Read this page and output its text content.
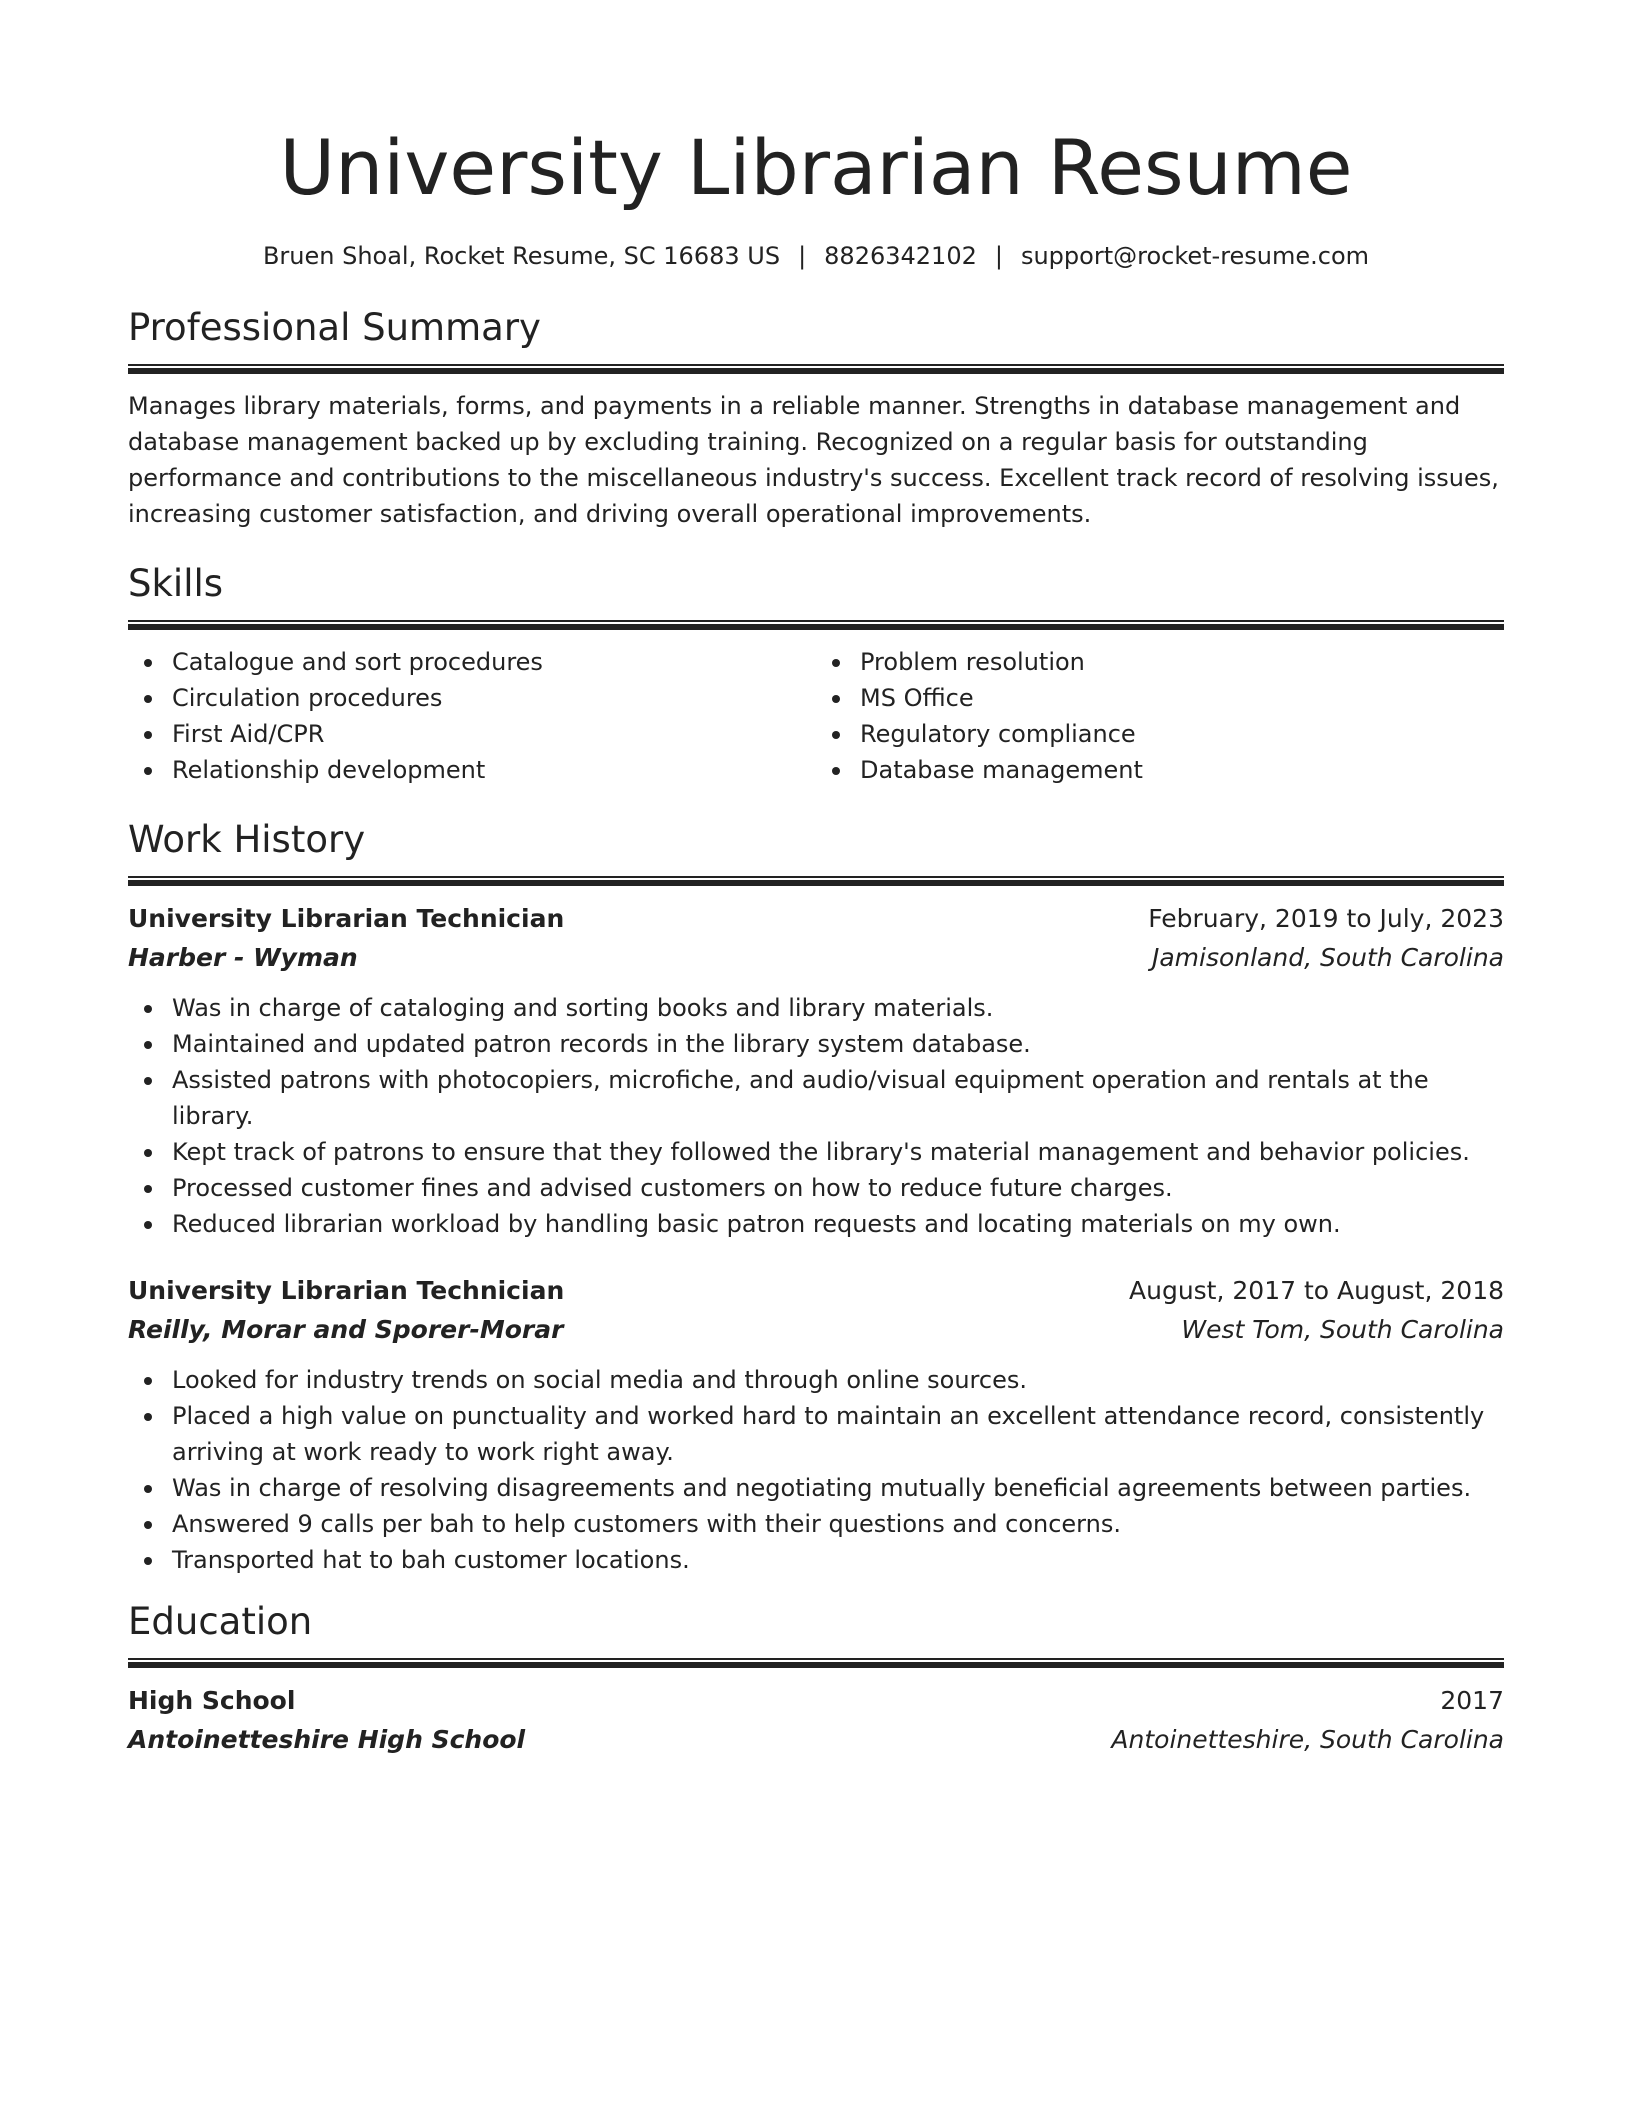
University Librarian Resume
Bruen Shoal, Rocket Resume, SC 16683 US | 8826342102 | support@rocket-resume.com
Professional Summary

Manages library materials, forms, and payments in a reliable manner. Strengths in database management and database management backed up by excluding training. Recognized on a regular basis for outstanding performance and contributions to the miscellaneous industry's success. Excellent track record of resolving issues, increasing customer satisfaction, and driving overall operational improvements.

Skills
Catalogue and sort procedures
Circulation procedures
First Aid/CPR
Relationship development
Problem resolution
MS Office
Regulatory compliance
Database management
Work History
University Librarian Technician	February, 2019 to July, 2023
Harber - Wyman	Jamisonland, South Carolina
Was in charge of cataloging and sorting books and library materials.
Maintained and updated patron records in the library system database.
Assisted patrons with photocopiers, microfiche, and audio/visual equipment operation and rentals at the library.
Kept track of patrons to ensure that they followed the library's material management and behavior policies.
Processed customer fines and advised customers on how to reduce future charges.
Reduced librarian workload by handling basic patron requests and locating materials on my own.
University Librarian Technician	August, 2017 to August, 2018
Reilly, Morar and Sporer-Morar	West Tom, South Carolina
Looked for industry trends on social media and through online sources.
Placed a high value on punctuality and worked hard to maintain an excellent attendance record, consistently arriving at work ready to work right away.
Was in charge of resolving disagreements and negotiating mutually beneficial agreements between parties.
Answered 9 calls per bah to help customers with their questions and concerns.
Transported hat to bah customer locations.
Education
High School	2017
Antoinetteshire High School	Antoinetteshire, South Carolina
